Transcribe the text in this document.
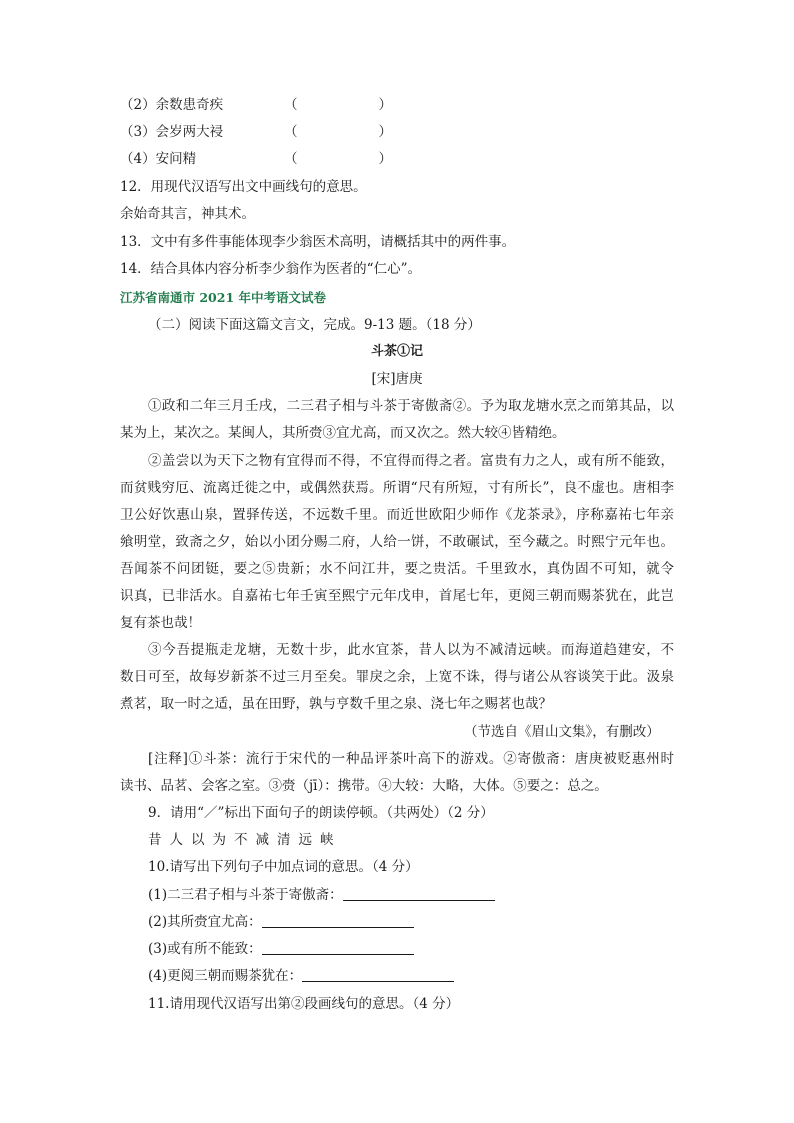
（2）余数患奇疾	（　　　　　　）
（3）会岁两大祲	（　　　　　　）
（4）安问精	（　　　　　　）
12．用现代汉语写出文中画线句的意思。
余始奇其言，神其术。
13．文中有多件事能体现李少翁医术高明，请概括其中的两件事。
14．结合具体内容分析李少翁作为医者的“仁心”。
江苏省南通市 2021 年中考语文试卷
（二）阅读下面这篇文言文，完成。9-13 题。（18 分）
斗茶①记
[宋]唐庚
①政和二年三月壬戌，二三君子相与斗茶于寄傲斋②。予为取龙塘水烹之而第其品，以
某为上，某次之。某闽人，其所赍③宜尤高，而又次之。然大较④皆精绝。
②盖尝以为天下之物有宜得而不得，不宜得而得之者。富贵有力之人，或有所不能致，
而贫贱穷厄、流离迁徙之中，或偶然获焉。所谓“尺有所短，寸有所长”，良不虚也。唐相李
卫公好饮惠山泉，置驿传送，不远数千里。而近世欧阳少师作《龙茶录》，序称嘉祐七年亲
飨明堂，致斋之夕，始以小团分赐二府，人给一饼，不敢碾试，至今藏之。时熙宁元年也。
吾闻茶不问团铤，要之⑤贵新；水不问江井，要之贵活。千里致水，真伪固不可知，就令
识真，已非活水。自嘉祐七年壬寅至熙宁元年戊申，首尾七年，更阅三朝而赐茶犹在，此岂
复有茶也哉！
③今吾提瓶走龙塘，无数十步，此水宜茶，昔人以为不减清远峡。而海道趋建安，不
数日可至，故每岁新茶不过三月至矣。罪戾之余，上宽不诛，得与诸公从容谈笑于此。汲泉
煮茗，取一时之适，虽在田野，孰与亨数千里之泉、浇七年之赐茗也哉？
（节选自《眉山文集》，有删改）
[注释]①斗茶：流行于宋代的一种品评茶叶高下的游戏。②寄傲斋：唐庚被贬惠州时
读书、品茗、会客之室。③赍（jī）：携带。④大较：大略，大体。⑤要之：总之。
9．请用“／”标出下面句子的朗读停顿。（共两处）（2 分）
昔人以为不减清远峡
10.请写出下列句子中加点词的意思。（4 分）
(1)二三君子相与斗茶于寄傲斋：
(2)其所赍宜尤高：
(3)或有所不能致：
(4)更阅三朝而赐茶犹在：
11.请用现代汉语写出第②段画线句的意思。（4 分）
